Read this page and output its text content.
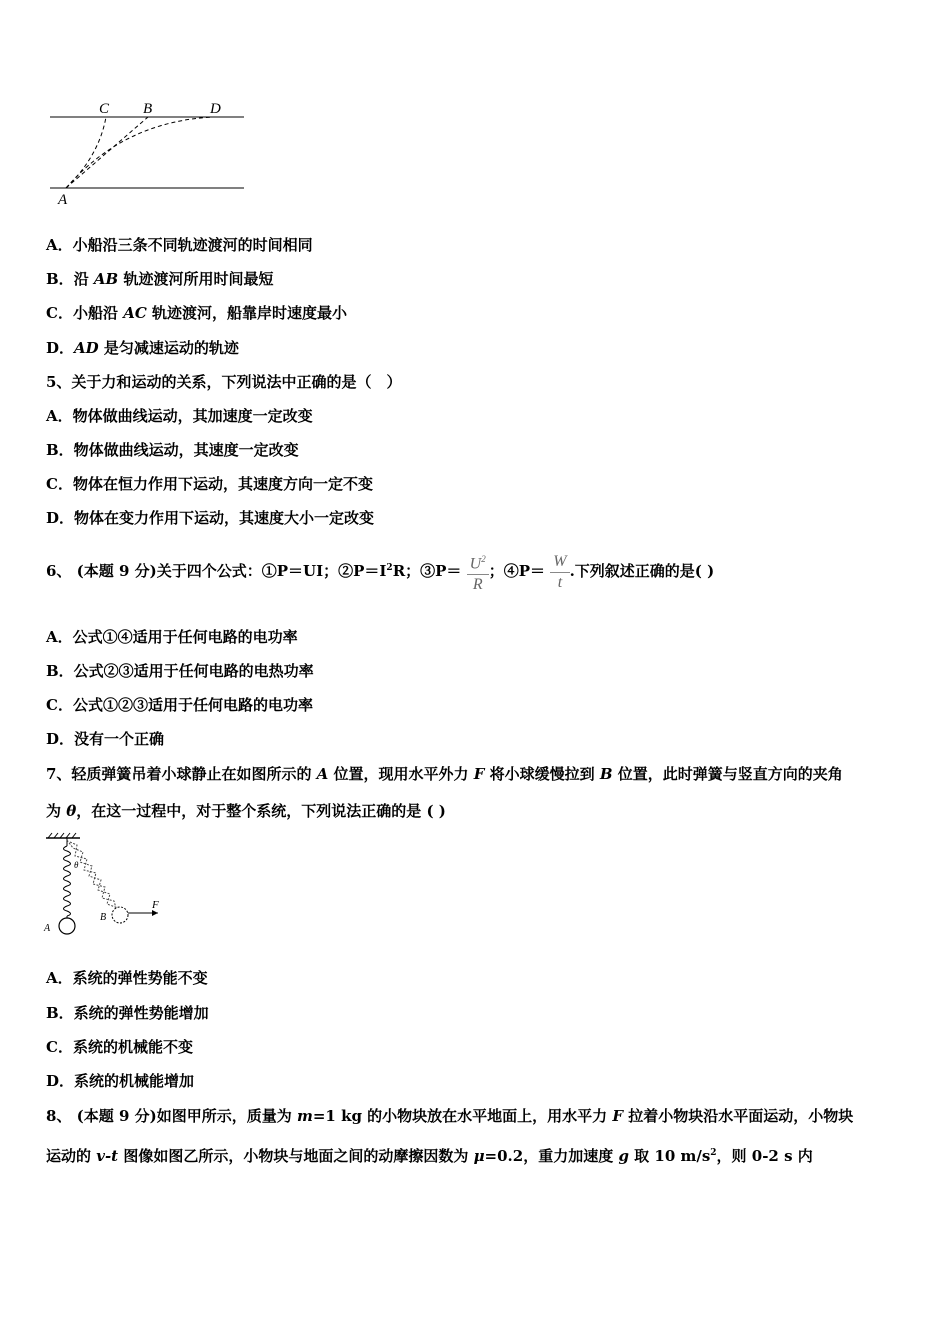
C B	D
A
A．小船沿三条不同轨迹渡河的时间相同
B．沿 AB 轨迹渡河所用时间最短
C．小船沿 AC 轨迹渡河，船靠岸时速度最小
D．AD 是匀减速运动的轨迹
5、关于力和运动的关系，下列说法中正确的是（　）
A．物体做曲线运动，其加速度一定改变
B．物体做曲线运动，其速度一定改变
C．物体在恒力作用下运动，其速度方向一定不变
D．物体在变力作用下运动，其速度大小一定改变
6、 (本题 9 分)关于四个公式：①P＝UI；$②P=I^2R$；③P＝ $\frac{U^2}{R}$ ；④P＝ $\frac{W}{t}$ .下列叙述正确的是( )
A．公式①④适用于任何电路的电功率
B．公式②③适用于任何电路的电热功率
C．公式①②③适用于任何电路的电功率
D．没有一个正确
7、轻质弹簧吊着小球静止在如图所示的 A 位置，现用水平外力 F 将小球缓慢拉到 B 位置，此时弹簧与竖直方向的夹角
为 θ，在这一过程中，对于整个系统，下列说法正确的是 ( )
θ
A
B
F
A．系统的弹性势能不变
B．系统的弹性势能增加
C．系统的机械能不变
D．系统的机械能增加
8、 (本题 9 分)如图甲所示，质量为 m=1 kg 的小物块放在水平地面上，用水平力 F 拉着小物块沿水平面运动，小物块
运动的 v-t 图像如图乙所示，小物块与地面之间的动摩擦因数为 μ=0.2，重力加速度 g 取 10 $m/s^2$，则 0-2 s 内
